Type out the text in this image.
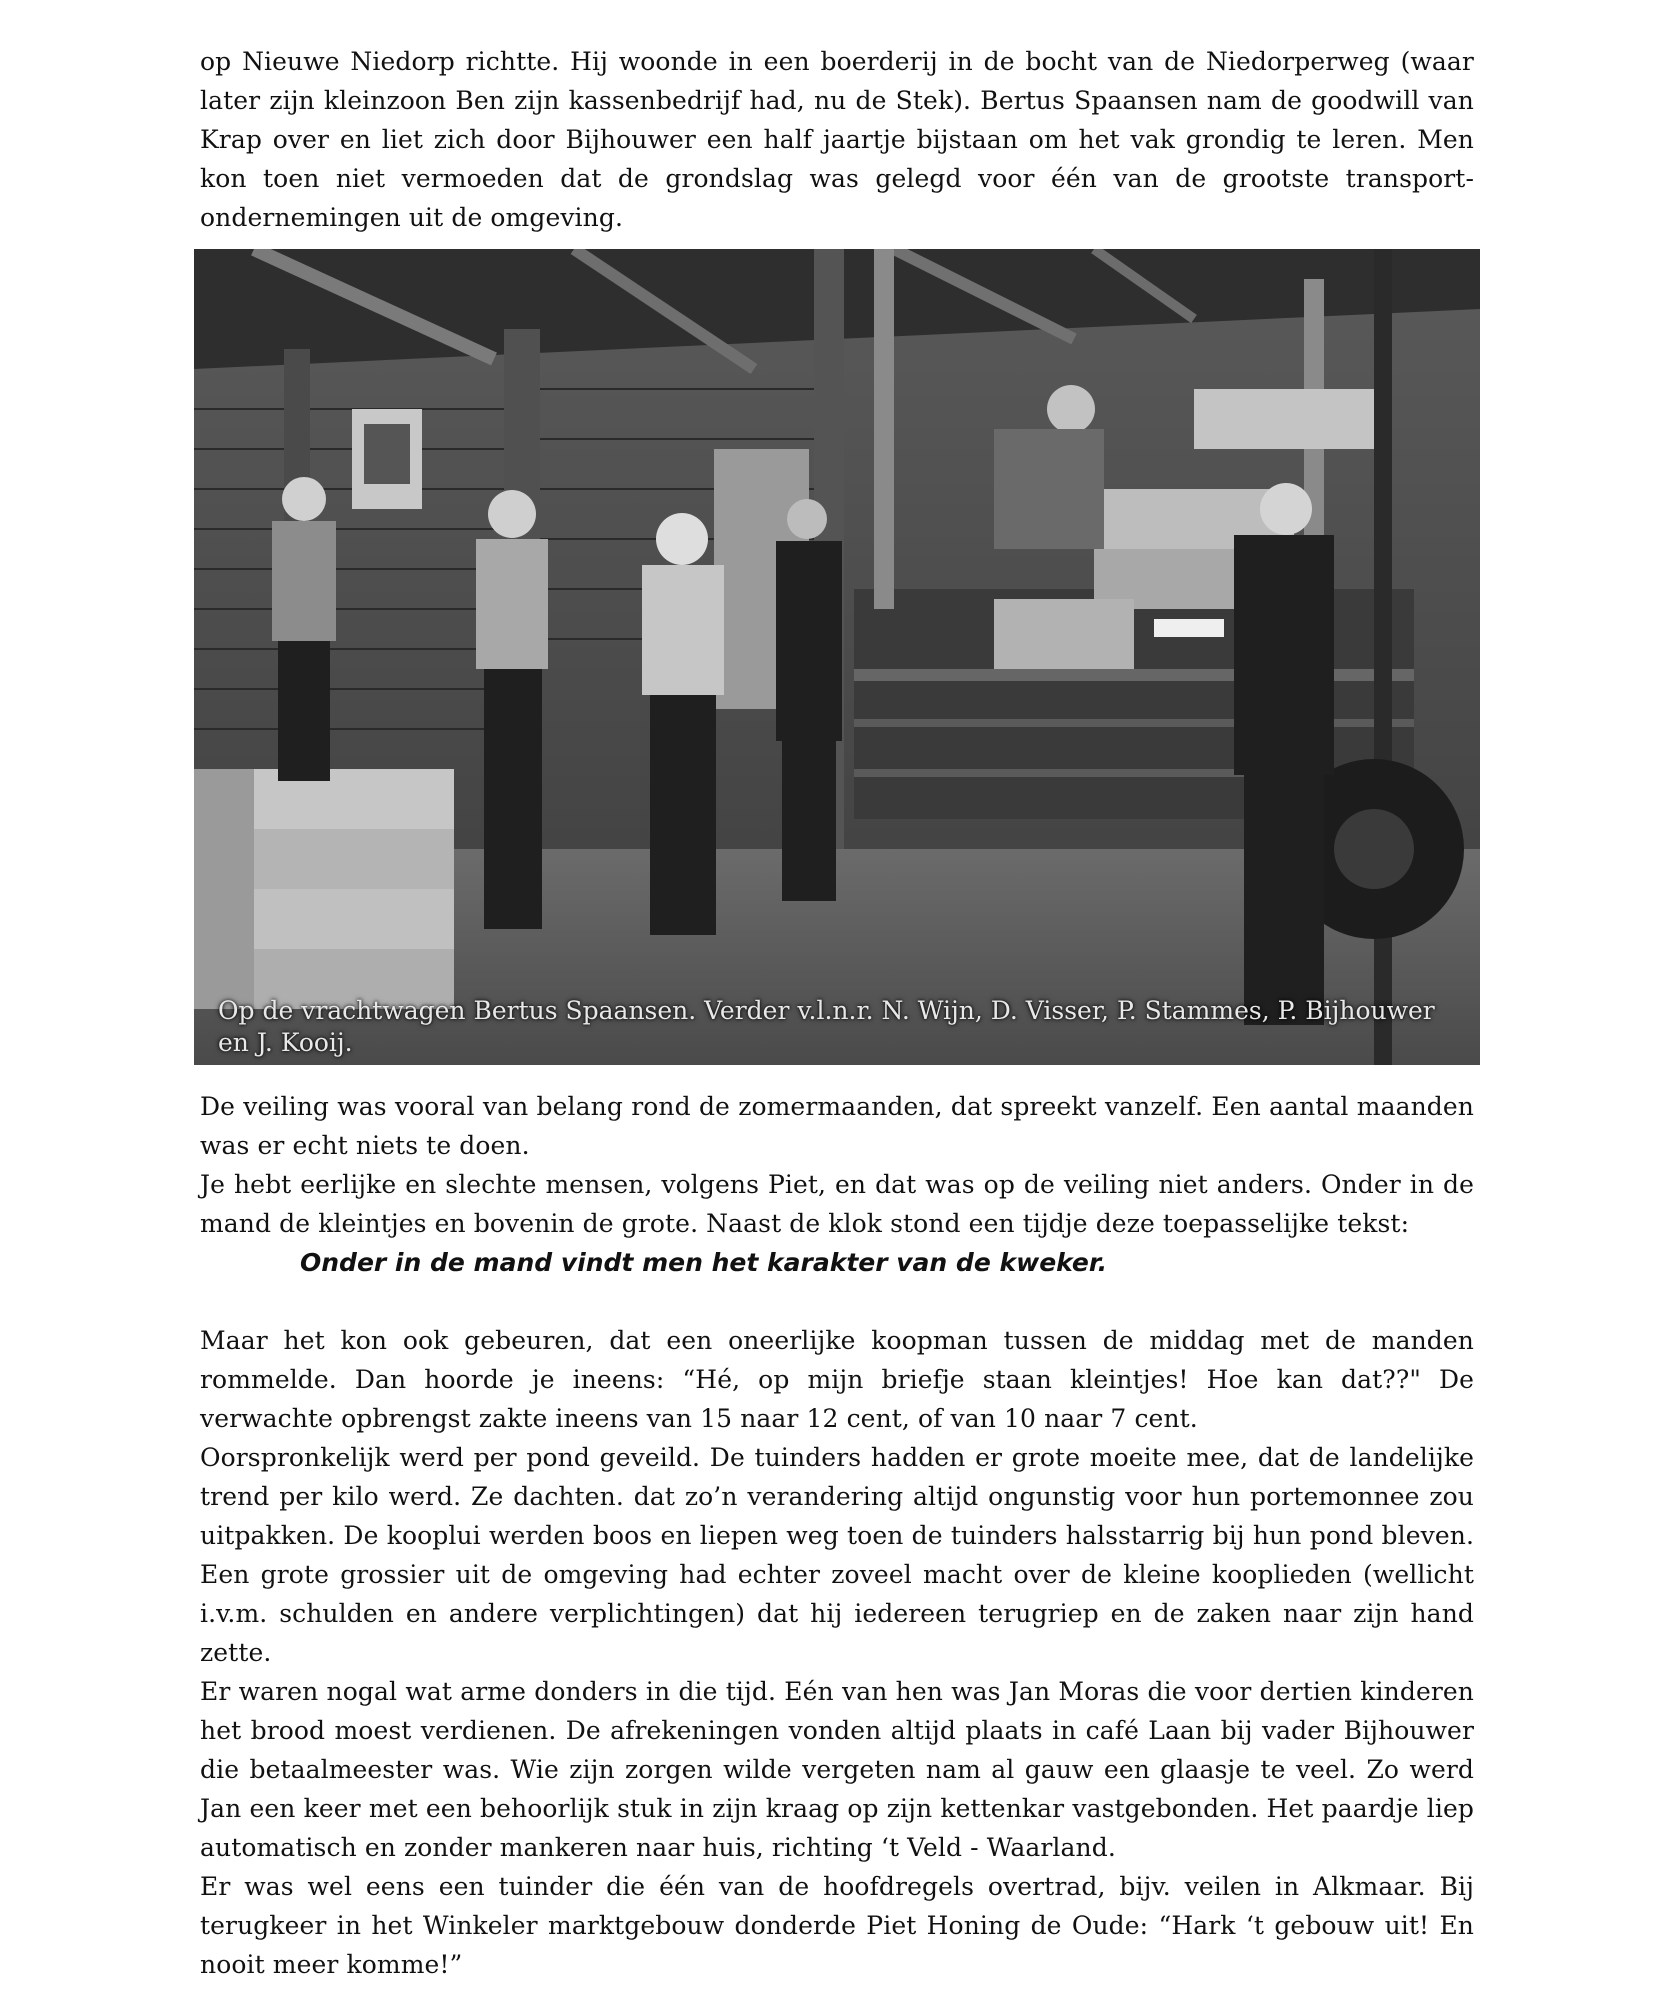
op Nieuwe Niedorp richtte. Hij woonde in een boerderij in de bocht van de Niedorperweg (waar later zijn kleinzoon Ben zijn kassenbedrijf had, nu de Stek). Bertus Spaansen nam de goodwill van Krap over en liet zich door Bijhouwer een half jaartje bijstaan om het vak grondig te leren. Men kon toen niet vermoeden dat de grondslag was gelegd voor één van de grootste transport-ondernemingen uit de omgeving.

Op de vrachtwagen Bertus Spaansen. Verder v.l.n.r. N. Wijn, D. Visser, P. Stammes, P. Bijhouwer en J. Kooij.

De veiling was vooral van belang rond de zomermaanden, dat spreekt vanzelf. Een aantal maanden was er echt niets te doen.

Je hebt eerlijke en slechte mensen, volgens Piet, en dat was op de veiling niet anders. Onder in de mand de kleintjes en bovenin de grote. Naast de klok stond een tijdje deze toepasselijke tekst:

Onder in de mand vindt men het karakter van de kweker.

Maar het kon ook gebeuren, dat een oneerlijke koopman tussen de middag met de manden rommelde. Dan hoorde je ineens: “Hé, op mijn briefje staan kleintjes! Hoe kan dat??" De verwachte opbrengst zakte ineens van 15 naar 12 cent, of van 10 naar 7 cent.

Oorspronkelijk werd per pond geveild. De tuinders hadden er grote moeite mee, dat de landelijke trend per kilo werd. Ze dachten. dat zo’n verandering altijd ongunstig voor hun portemonnee zou uitpakken. De kooplui werden boos en liepen weg toen de tuinders halsstarrig bij hun pond bleven. Een grote grossier uit de omgeving had echter zoveel macht over de kleine kooplieden (wellicht i.v.m. schulden en andere verplichtingen) dat hij iedereen terugriep en de zaken naar zijn hand zette.

Er waren nogal wat arme donders in die tijd. Eén van hen was Jan Moras die voor dertien kinderen het brood moest verdienen. De afrekeningen vonden altijd plaats in café Laan bij vader Bijhouwer die betaalmeester was. Wie zijn zorgen wilde vergeten nam al gauw een glaasje te veel. Zo werd Jan een keer met een behoorlijk stuk in zijn kraag op zijn kettenkar vastgebonden. Het paardje liep automatisch en zonder mankeren naar huis, richting ‘t Veld - Waarland.

Er was wel eens een tuinder die één van de hoofdregels overtrad, bijv. veilen in Alkmaar. Bij terugkeer in het Winkeler marktgebouw donderde Piet Honing de Oude: “Hark ‘t gebouw uit! En nooit meer komme!”
